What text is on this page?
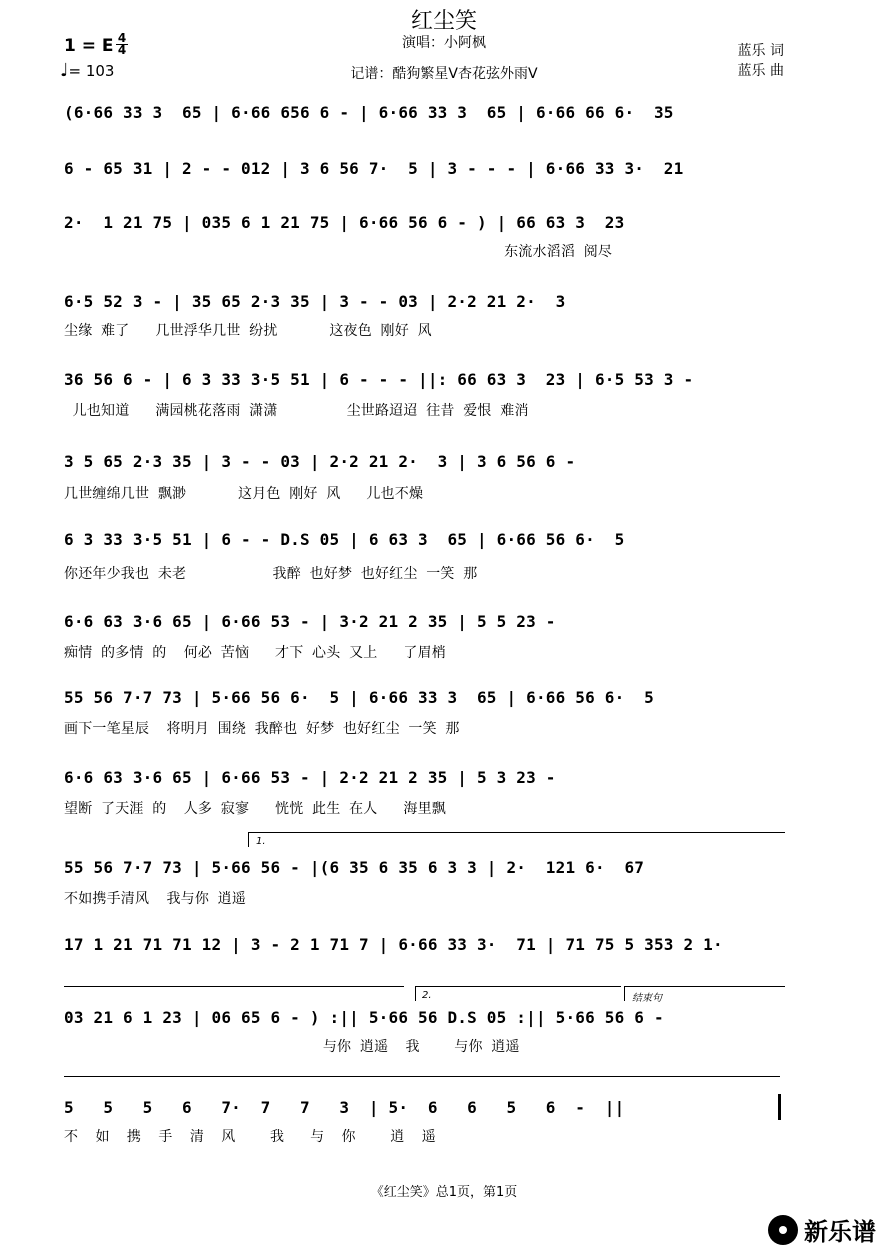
红尘笑
演唱：小阿枫
记谱：酷狗繁星V杏花弦外雨V
蓝乐 词
蓝乐 曲
1 = E 4
4
♩= 103
(6·66 33 3  65 | 6·66 656 6 - | 6·66 33 3  65 | 6·66 66 6·  35
6 - 65 31 | 2 - - 012 | 3 6 56 7·  5 | 3 - - - | 6·66 33 3·  21
2·  1 21 75 | 035 6 1 21 75 | 6·66 56 6 - ) | 66 63 3  23
东流水滔滔 阅尽
6·5 52 3 - | 35 65 2·3 35 | 3 - - 03 | 2·2 21 2·  3
尘缘 难了   几世浮华几世 纷扰      这夜色 刚好 风
36 56 6 - | 6 3 33 3·5 51 | 6 - - - ||: 66 63 3  23 | 6·5 53 3 -
儿也知道   满园桃花落雨 潇潇        尘世路迢迢 往昔 爱恨 难消
3 5 65 2·3 35 | 3 - - 03 | 2·2 21 2·  3 | 3 6 56 6 -
几世缠绵几世 飘渺      这月色 刚好 风   儿也不燥
6 3 33 3·5 51 | 6 - - D.S 05 | 6 63 3  65 | 6·66 56 6·  5
你还年少我也 未老          我醉 也好梦 也好红尘 一笑 那
6·6 63 3·6 65 | 6·66 53 - | 3·2 21 2 35 | 5 5 23 -
痴情 的多情 的  何必 苦恼   才下 心头 又上   了眉梢
55 56 7·7 73 | 5·66 56 6·  5 | 6·66 33 3  65 | 6·66 56 6·  5
画下一笔星辰  将明月 围绕 我醉也 好梦 也好红尘 一笑 那
6·6 63 3·6 65 | 6·66 53 - | 2·2 21 2 35 | 5 3 23 -
望断 了天涯 的  人多 寂寥   恍恍 此生 在人   海里飘
1.
55 56 7·7 73 | 5·66 56 - |(6 35 6 35 6 3 3 | 2·  121 6·  67
不如携手清风  我与你 逍遥
17 1 21 71 71 12 | 3 - 2 1 71 7 | 6·66 33 3·  71 | 71 75 5 353 2 1·
2.	结束句
03 21 6 1 23 | 06 65 6 - ) :|| 5·66 56 D.S 05 :|| 5·66 56 6 -
与你 逍遥  我    与你 逍遥
5   5   5   6   7·  7   7   3  | 5·  6   6   5   6  -  ||
不  如  携  手  清  风    我   与  你    逍  遥
《红尘笑》总1页，第1页
新乐谱
